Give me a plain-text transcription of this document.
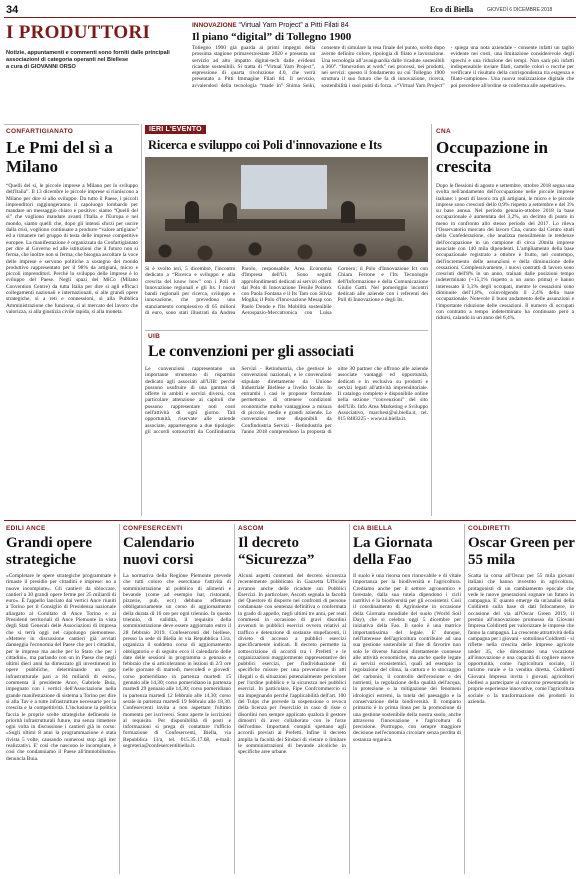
34	Eco di Biella	GIOVEDÌ 6 DICEMBRE 2018
I PRODUTTORI
Notizie, appuntamenti e commenti sono forniti dalle principali associazioni di categoria operanti nel Biellese
a cura di GIOVANNI ORSO
INNOVAZIONE “Virtual Yarn Project” a Pitti Filati 84
Il piano “digital” di Tollegno 1900
Tollegno 1900 già guarda ai primi impegni della prossima stagione primavera/estate 2020 e presenta un servizio ad alto impatto digital-tech dalle evidenti ricadute sostenibili. Si tratta di “Virtual Yarn Project”, espressione di quarta rivoluzione 4.0, che verrà presentato a Pitti Immagine Filati 84. Il servizio, avvalendosi della tecnologia “made in” Shima Seiki, consente di simulare la resa finale del punto, scelto dopo averne definito colore, tipologia di filato e lavorazione. Una tecnologia all’avanguardia dalle ricadute sostenibili a 360°. “Innovation at work” nei processi, nei prodotti, nei servizi: questo il fondamento su cui Tollegno 1900 struttura il suo futuro che fa di innovazione, ricerca, sostenibilità i suoi punti di forza. «“Virtual Yarn Project” - spiega una nota aziendale - consente infatti un taglio evidente nei costi, una limitazione considerevole degli sprechi e una riduzione dei tempi. Non sarà più infatti indispensabile inviare filati, cartelle colori o rocche per verificare il risultato della corrispondenza tra esigenza e filato-campione». Una nuova realizzazione digitale che poi precedere all'ordine se conferma alle aspettative».
CONFARTIGIANATO
Le Pmi del sì a Milano
“Quelli del sì, le piccole imprese a Milano per lo sviluppo dell'Italia”. Il 13 dicembre le piccole imprese si riuniscono a Milano per dire sì allo sviluppo. Da tutto il Paese, i piccoli imprenditori raggiungeranno il capoluogo lombardo per mandare un messaggio chiaro e positivo: siamo “Quelli del sì” che vogliono mandare avanti l'Italia e l'Europa e nel mondo, siamo quelli che, dopo gli intensi sforzi per uscire dalla crisi, vogliono continuare a produrre “valore artigiano” ed a rimanere nel gruppo di testa delle imprese competitive europee. La manifestazione è organizzata da Confartigianato per dire al Governo ed alle istituzioni che il futuro non si ferma, che inoltre non si ferma, che bisogna ascoltare la voce delle imprese e servono politiche a sostegno del mondo produttivo rappresentato per il 98% da artigiani, micro e piccoli imprenditori. Perché lo sviluppo delle imprese è lo sviluppo del Paese. Negli spazi del MiCo (Milano Convention Centre) da tutta Italia per dire sì agli efficaci collegamenti nazionali e internazionali, sì alle grandi opere strategiche, sì a reti e connessioni, sì alla Pubblica Amministrazione che funziona, sì al mercato del lavoro che valorizza, sì alla giustizia civile rapida, sì alla moneta.
IERI L'EVENTO
Ricerca e sviluppo coi Poli d'innovazione e Its
Si è svolto ieri, 5 dicembre, l'incontro dedicato a “Ricerca e sviluppo e alla crescita del know how” con i Poli di Innovazione regionali e gli Its. I nuovi bandi regionali per ricerca, sviluppo e innovazione, che prevedono uno stanziamento complessivo di 65 milioni di euro, sono stati illustrati da Andrea Parolo, responsabile Area Economia d'Impresa dell'Ui. Sono seguiti approfondimenti dedicati ai servizi offerti dal Polo di Innovazione Tessile Pointex con Paola Fontana e il Its Tam con Silvia Moglia; il Polo d'Innovazione Mesap con Paolo Dondo e l'Its Mobilità sostenibile Aerospazio-Meccatronica con Luisa Cornero; il Polo d'Innovazione Ict con Chiara Ferrone e l'Its Tecnologie dell'Informazione e della Comunicazione Giulio Gatti. Nel pomeriggio incontri dedicati alle aziende con i referenti dei Poli di Innovazione e degli Its.
CNA
Occupazione in crescita
Dopo le flessioni di agosto e settembre, ottobre 2018 segna una svolta nell'andamento dell'occupazione nelle piccole imprese italiane: i posti di lavoro tra gli artigiani, le micro e le piccole imprese sono cresciuti dello 0,9% rispetto a settembre e del 3% su base annua. Nel periodo gennaio-ottobre 2018 la base occupazionale è aumentata del 3,2%, un decimo di punto in meno in confronto allo stesso periodo del 2017. Lo rileva l'Osservatorio mercato del lavoro Cna, curato dal Centro studi della Confederazione, che analizza mensilmente le tendenze dell'occupazione in un campione di circa 20mila imprese associate con 140 mila dipendenti. L'ampliamento della base occupazionale registrato a ottobre è frutto, nel contempo, dell'incremento delle assunzioni e della diminuzione delle cessazioni. Complessivamente, i nuovi contratti di lavoro sono cresciuti dell'8% in un anno, trainati dalle posizioni tempo indeterminato (+15,1% rispetto a un anno prima) e hanno interessato il 3,3% degli occupati, mentre le cessazioni sono diminuite dell'1,8%, coinvolgendo il 2,4% della base occupazionale. Notevole il buon andamento delle assunzioni e l'importante riduzione delle cessazioni. Il numero di occupati con contratto a tempo indeterminato ha continuato però a ridursi, calando in un anno del 6,4%.
UIB
Le convenzioni per gli associati
Le convenzioni rappresentano un importante strumento di risparmio dedicato agli associati all'UIB: perché possono usufruire di una gamma di offerte in ambiti e servizi diversi, con particolare attenzione ai capitoli che possono rappresentare noti costi nell'attività di ogni giorno. Tali opportunità, riservate alle aziende associate, appartengono a due tipologie: gli accordi sottoscritti da Confindustria Servizi - Retindustria, che gestisce le convenzioni nazionali, e le convenzioni stipulate direttamente da Unione Industriale Biellese a livello locale. In entrambi i casi le proposte formulate permettono di ottenere condizioni economiche molto vantaggiose a misura di piccole, medie e grandi aziende. Le convenzioni rese disponibili da Confindustria Servizi - Retindustria per l'anno 2018 comprendono la proposta di oltre 30 partner che offrono alle aziende associate vantaggi ed opportunità, dedicati e in esclusiva su prodotti e servizi legati all'attività imprenditoriale. Il catalogo completo è disponibile online nella sezione “convenzioni” del sito dell'Uib. Info Area Marketing e Sviluppo Associativo, marchesi@ui.biella.it, tel. 015 8483225 - www.ui.biella.it.
EDILI ANCE
Grandi opere strategiche
«Completare le opere strategiche programmate è rimaste il presidio per cittadini e imprese: no a nuove incompiute». Gli cantieri da sbloccare, cantieri a 30 grandi opere ferme per 25 miliardi di euro». È l'appello lanciato dai vertici Ance riuniti a Torino per il Consiglio di Presidenza nazionale allargato al Comitato di Ance Torino e ai Presidenti territoriali di Ance Piemonte in vista degli Stati Generali delle Associazioni di impresa che si terrà oggi nel capoluogo piemontese. «Mettere in discussione cantieri già avviati danneggia l'economia del Paese che per i cittadini, per le imprese ma anche per lo Stato che per i cittadini», ma parlando con un in Paese che negli ultimi dieci anni ha dimezzato gli investimenti in opere pubbliche, determinando un gap infrastrutturale pari a 84 miliardi di euro», commenta il presidente Ance, Gabriele Buia, impegnato con i vertici dell'Associazione nella grande manifestazione di sistema a Torino per dire sì alla Tav e a tutte infrastrutture necessarie per la crescita e la competitività. L'inclusione la politica faccia le proprie scelte strategiche definendo le priorità infrastrutturali future, ma senza rimettere ogni volta in discussione i cantieri già in corso: «Sugli ultimi 8 anni la programmazione è stata rivista 5 volte, causando numerosi stop agli iter realizzativi. E' così che nascono le incompiute, è così che condanniamo il Paese all'immobilismo» denuncia Buia.
CONFESERCENTI
Calendario nuovi corsi
La normativa della Regione Piemonte prevede che tutti coloro che esercitano l'attività di somministrazione al pubblico di alimenti e bevande (come ad esempio bar, ristoranti, pizzerie, pub, ecc) debbano effettuare obbligatoriamente un corso di aggiornamento della durata di 16 ore per ogni triennio. In questo triennio, di validità, il requisito della somministrazione deve essere aggiornato entro il 28 febbraio 2019. Confesercenti del biellese, presso la sede di Biella in via Repubblica 13/a, organizza il suddetto corso di aggiornamento obbligatorio e di seguito ecco il calendario delle date delle sessioni in programma a gennaio e febbraio che si articoleranno in lezioni di 2/3 ore nelle giornate di martedì, mercoledì e giovedì: corso pomeridiano in partenza martedì 15 gennaio alle 14,30; corso pomeridiano in partenza martedì 29 gennaio alle 14,30; corso pomeridiano in partenza martedì 12 febbraio alle 14,30; corso serale in partenza martedì 19 febbraio alle 18,30. Confesercenti invita a non aspettare l'ultimo momento per iscriversi. Sono aperte le iscrizioni al requisito. Per disponibilità di posti e informazioni si prega di contattare l'ufficio formazione di Confesercenti, Biella, via Repubblica 13/a, tel. 015.35.17.68, e-mail: segreteria@confesercentibiella.it.
ASCOM
Il decreto “Sicurezza”
Alcuni aspetti contenuti del decreto sicurezza recentemente pubblicato in Gazzetta Ufficiale avranno anche delle ricadute sui Pubblici Esercizi. In particolare, Ascom segnala la facoltà del Questore di disporre nei confronti di persone condannate con sentenza definitiva o confermata in grado di appello, negli ultimi tre anni, per reati commessi in occasione di gravi disordini avvenuti in pubblici esercizi ovvero relativi al traffico e detenzione di sostanze stupefacenti, il divieto di accesso a pubblici esercizi specificamente indicati. Il decreto permette la sottoscrizione di accordi tra i Prefetti e le organizzazioni maggiormente rappresentative dei pubblici esercizi, per l'individuazione di specifiche misure per una prevenzione di atti illegali o di situazioni potenzialmente pericolose per l'ordine pubblico e la sicurezza nei pubblici esercizi. In particolare, Fipe Confcommercio si sta impegnando perché l'applicabilità dell'art. 100 del Tulps che prevede la sospensione o revoca della licenza per l'esercizio in caso di risse o disordini non sempre applicato qualora il gestore dimostri di aver collaborato con le forze dell'ordine. Importanti compiti spettano agli accordi previsti ai Prefetti. Infine il decreto amplia la facoltà dei Sindaci di vietare o limitare le somministrazioni di bevande alcoliche in specifiche aree urbane.
CIA BIELLA
La Giornata della Fao
Il suolo è una risorsa non rinnovabile e di vitale importanza per la biodiversità e l'agricoltura. Crediamo anche per il settore agronomico e forestale, dalla sua tutela dipendono i cicli nutritivi e la biodiversità per gli ecosistemi. Così il coordinamento di Agrinsieme in occasione della Giornata mondiale del suolo (World Soil Day), che si celebra oggi 5 dicembre per iniziativa della Fao. Il suolo è una matrice importantissima del legale. E' dunque, nell'interesse dell'agricoltura contribuire ad una sua gestione sostenibile al fine di favorire non solo le diverse funzioni direttamente connesse alle attività economiche, ma anche quelle legate ai servizi ecosistemici, quali ad esempio la regolazione del clima, la cattura e lo stoccaggio del carbonio, il controllo dell'erosione e dei nutrienti, la regolazione della qualità dell'acqua, la protezione e la mitigazione dei fenomeni idrologici estremi, la tutela del paesaggio e la conservazione della biodiversità. Il comparto primario è in prima linea per la promozione di una gestione sostenibile della nostra suolo, anche attraverso l'innovazione e l'agricoltura di precisione. Purtroppo, con sempre maggiore decisione nell'economia circolare senza perdita di sostanza organica.
COLDIRETTI
Oscar Green per 55 mila
Scatta la corsa all'Oscar per 55 mila giovani italiani che hanno investito in agricoltura, protagonisti di un cambiamento epocale che vede le nuove generazioni sognare un futuro in campagna. E' quanto emerge da un'analisi della Coldiretti sulla base di dati Infocamere, in occasione del via all'Oscar Green 2019, il premio all'innovazione promosso da Giovani Impresa Coldiretti per valorizzare le imprese che fanno la campagna. La crescente attrattività della campagna per i giovani - sottolinea Coldiretti - si riflette nella crescita delle imprese agricole under 35, che dimostrano una vocazione all'innovazione e una capacità di cogliere nuove opportunità, come l'agricoltura sociale, il turismo rurale e la vendita diretta. Coldiretti Giovani Impresa invita i giovani agricoltori biellesi a partecipare al concorso presentando le proprie esperienze innovative, come l'agricoltura sociale o la trasformazione dei prodotti in azienda.
